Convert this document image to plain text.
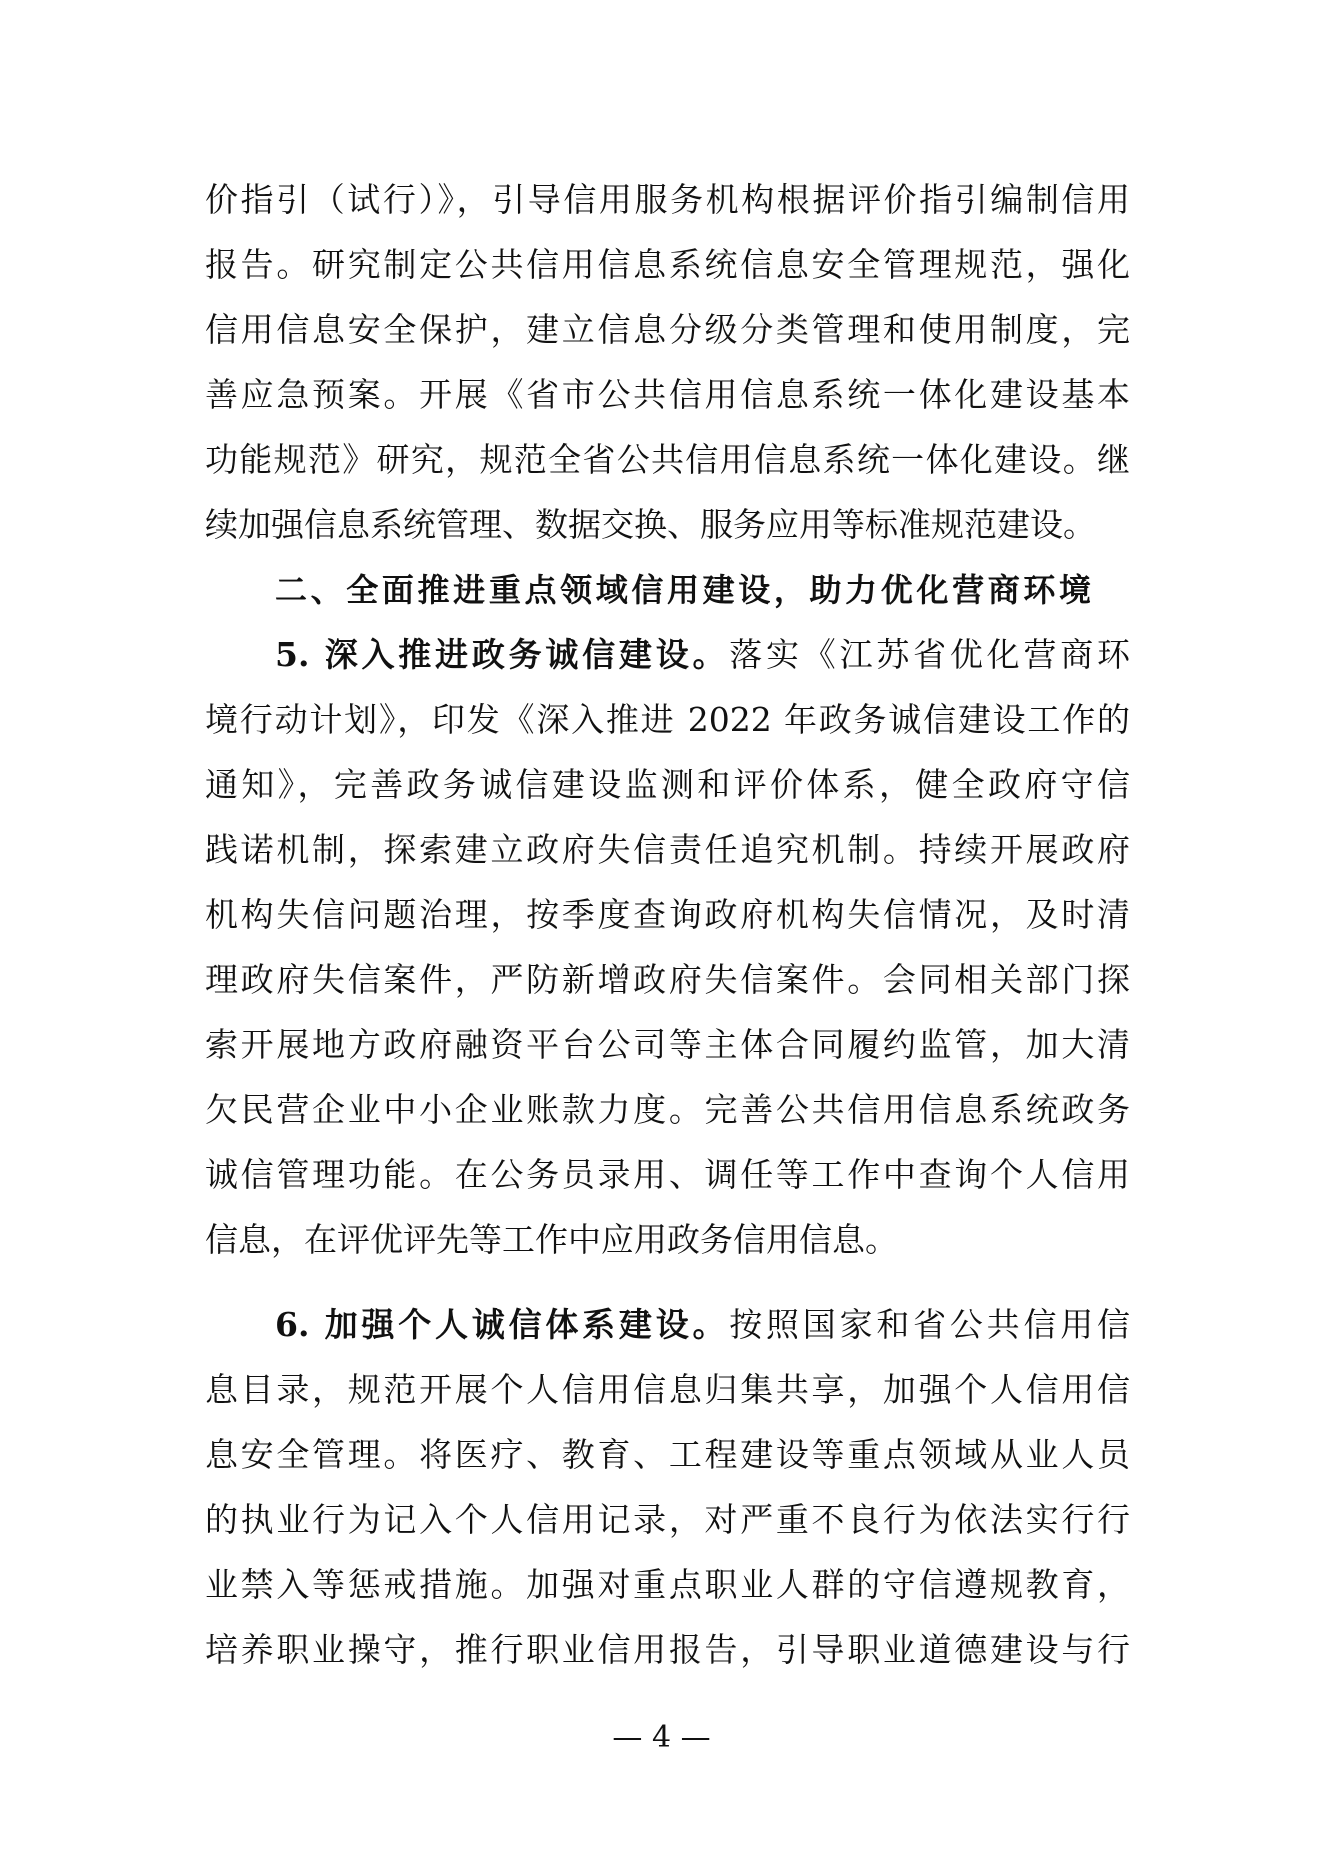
价指引（试行）》，引导信用服务机构根据评价指引编制信用
报告。研究制定公共信用信息系统信息安全管理规范，强化
信用信息安全保护，建立信息分级分类管理和使用制度，完
善应急预案。开展《省市公共信用信息系统一体化建设基本
功能规范》研究，规范全省公共信用信息系统一体化建设。继
续加强信息系统管理、数据交换、服务应用等标准规范建设。
二、全面推进重点领域信用建设，助力优化营商环境
5. 深入推进政务诚信建设。落实《江苏省优化营商环
境行动计划》，印发《深入推进 2022 年政务诚信建设工作的
通知》，完善政务诚信建设监测和评价体系，健全政府守信
践诺机制，探索建立政府失信责任追究机制。持续开展政府
机构失信问题治理，按季度查询政府机构失信情况，及时清
理政府失信案件，严防新增政府失信案件。会同相关部门探
索开展地方政府融资平台公司等主体合同履约监管，加大清
欠民营企业中小企业账款力度。完善公共信用信息系统政务
诚信管理功能。在公务员录用、调任等工作中查询个人信用
信息，在评优评先等工作中应用政务信用信息。
6. 加强个人诚信体系建设。按照国家和省公共信用信
息目录，规范开展个人信用信息归集共享，加强个人信用信
息安全管理。将医疗、教育、工程建设等重点领域从业人员
的执业行为记入个人信用记录，对严重不良行为依法实行行
业禁入等惩戒措施。加强对重点职业人群的守信遵规教育，
培养职业操守，推行职业信用报告，引导职业道德建设与行
— 4 —
